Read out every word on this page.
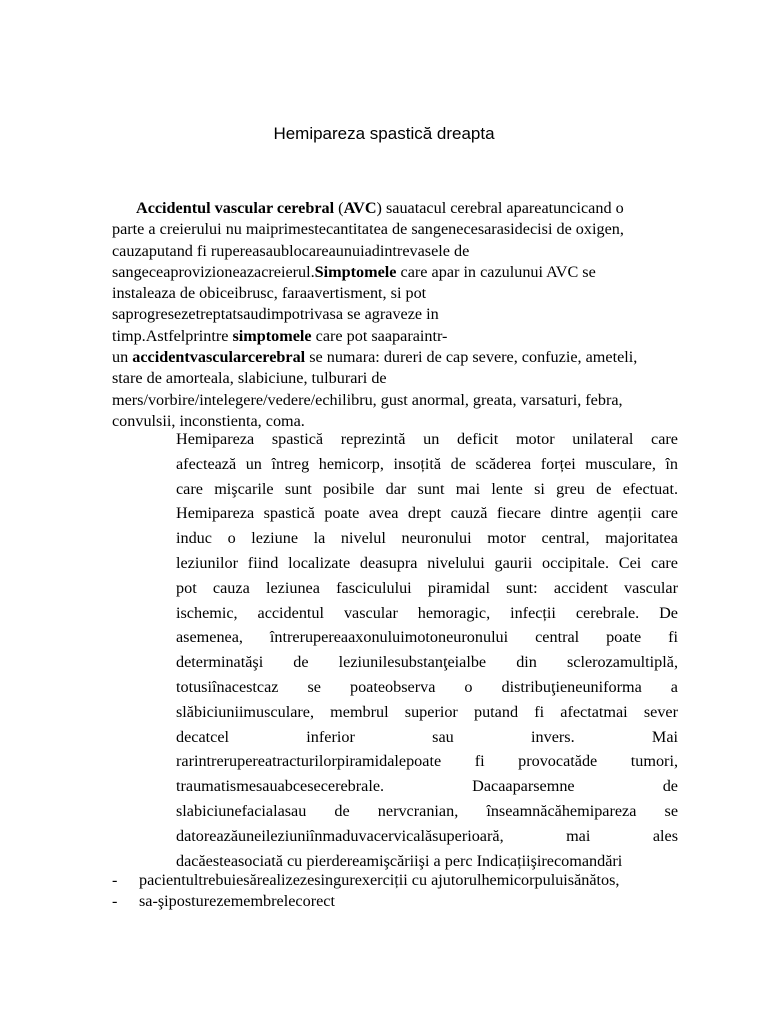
Hemipareza spastică dreapta
Accidentul vascular cerebral (AVC) sauatacul cerebral apareatuncicand o
parte a creierului nu maiprimestecantitatea de sangenecesarasidecisi de oxigen,
cauzaputand fi rupereasaublocareaunuiadintrevasele de
sangeceaprovizioneazacreierul.Simptomele care apar in cazulunui AVC se
instaleaza de obiceibrusc, faraavertisment, si pot
saprogresezetreptatsaudimpotrivasa se agraveze in
timp.Astfelprintre simptomele care pot saaparaintr-
un accidentvascularcerebral se numara: dureri de cap severe, confuzie, ameteli,
stare de amorteala, slabiciune, tulburari de
mers/vorbire/intelegere/vedere/echilibru, gust anormal, greata, varsaturi, febra,
convulsii, inconstienta, coma.
Hemipareza spastică reprezintă un deficit motor unilateral care
afectează un întreg hemicorp, insoțită de scăderea forței musculare, în
care mişcarile sunt posibile dar sunt mai lente si greu de efectuat.
Hemipareza spastică poate avea drept cauză fiecare dintre agenții care
induc o leziune la nivelul neuronului motor central, majoritatea
leziunilor fiind localizate deasupra nivelului gaurii occipitale. Cei care
pot cauza leziunea fasciculului piramidal sunt: accident vascular
ischemic, accidentul vascular hemoragic, infecții cerebrale. De
asemenea, întreruperea​axonului​motoneuronului central poate fi
determinatăşi de leziunilesubstanţeialbe din sclerozamultiplă,
totusiînacestcaz se poateobserva o distribuţieneuniforma a
slăbiciuniimusculare, membrul superior putand fi afectatmai sever
decatcel inferior sau invers. Mai
rarintrerupereatracturilorpiramidalepoate fi provocatăde tumori,
traumatismesauabcesecerebrale. Dacaaparsemne de
slabiciunefacialasau de nervcranian, înseamnăcăhemipareza se
datoreazăuneileziuniînmaduvacervicalăsuperioară, mai ales
dacăesteasociată cu pierdereamişcăriişi a perc Indicațiişirecomandări
- pacientultrebuiesărealizezesingurexerciții cu ajutorulhemicorpuluisănătos,
- sa-şiposturezemembrelecorect
